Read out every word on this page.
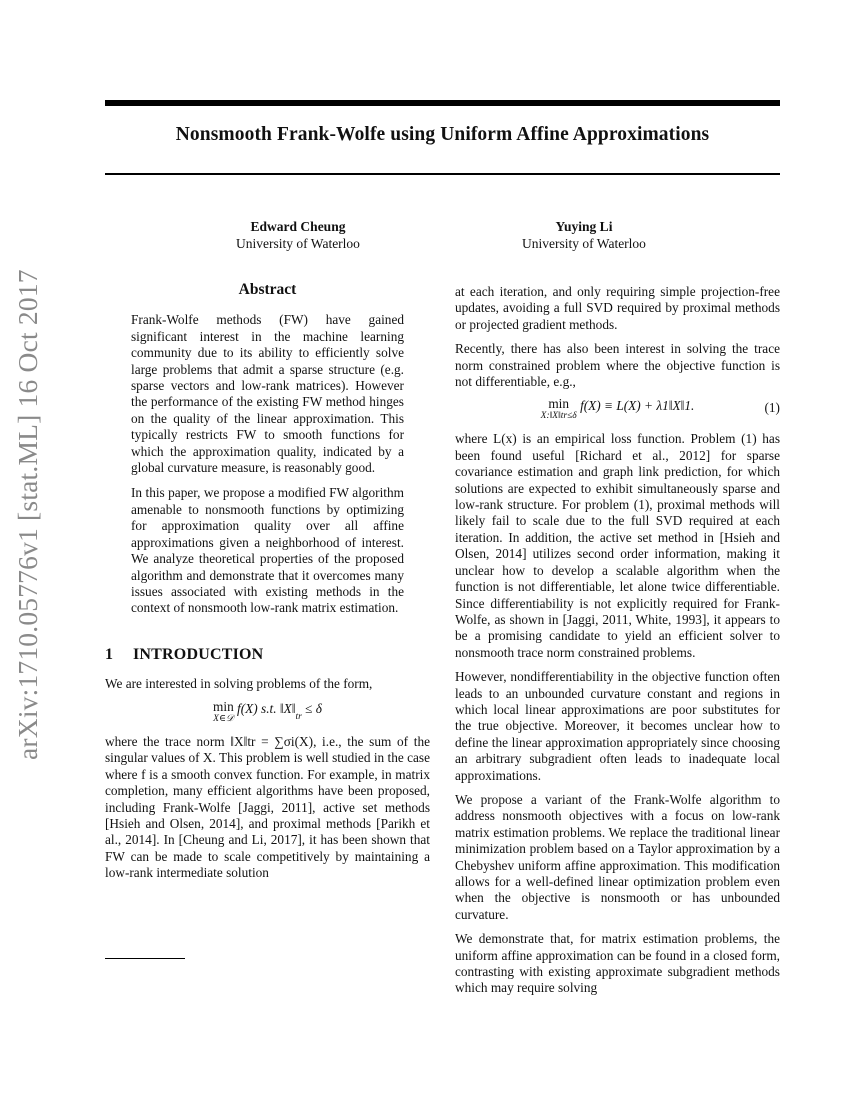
arXiv:1710.05776v1 [stat.ML] 16 Oct 2017
Nonsmooth Frank-Wolfe using Uniform Affine Approximations
Edward Cheung
University of Waterloo
Yuying Li
University of Waterloo
Abstract

Frank-Wolfe methods (FW) have gained significant interest in the machine learning community due to its ability to efficiently solve large problems that admit a sparse structure (e.g. sparse vectors and low-rank matrices). However the performance of the existing FW method hinges on the quality of the linear approximation. This typically restricts FW to smooth functions for which the approximation quality, indicated by a global curvature measure, is reasonably good.

In this paper, we propose a modified FW algorithm amenable to nonsmooth functions by optimizing for approximation quality over all affine approximations given a neighborhood of interest. We analyze theoretical properties of the proposed algorithm and demonstrate that it overcomes many issues associated with existing methods in the context of nonsmooth low-rank matrix estimation.

1 INTRODUCTION

We are interested in solving problems of the form,

min
X∈𝒟
f(X) s.t. $‖X‖_{tr} \le \delta$

where the trace norm ‖X‖tr = ∑σi(X), i.e., the sum of the singular values of X. This problem is well studied in the case where f is a smooth convex function. For example, in matrix completion, many efficient algorithms have been proposed, including Frank-Wolfe [Jaggi, 2011], active set methods [Hsieh and Olsen, 2014], and proximal methods [Parikh et al., 2014]. In [Cheung and Li, 2017], it has been shown that FW can be made to scale competitively by maintaining a low-rank intermediate solution

at each iteration, and only requiring simple projection-free updates, avoiding a full SVD required by proximal methods or projected gradient methods.

Recently, there has also been interest in solving the trace norm constrained problem where the objective function is not differentiable, e.g.,

min
X:‖X‖tr≤δ
f(X) ≡ L(X) + λ1‖X‖1.	(1)

where L(x) is an empirical loss function. Problem (1) has been found useful [Richard et al., 2012] for sparse covariance estimation and graph link prediction, for which solutions are expected to exhibit simultaneously sparse and low-rank structure. For problem (1), proximal methods will likely fail to scale due to the full SVD required at each iteration. In addition, the active set method in [Hsieh and Olsen, 2014] utilizes second order information, making it unclear how to develop a scalable algorithm when the function is not differentiable, let alone twice differentiable. Since differentiability is not explicitly required for Frank-Wolfe, as shown in [Jaggi, 2011, White, 1993], it appears to be a promising candidate to yield an efficient solver to nonsmooth trace norm constrained problems.

However, nondifferentiability in the objective function often leads to an unbounded curvature constant and regions in which local linear approximations are poor substitutes for the true objective. Moreover, it becomes unclear how to define the linear approximation appropriately since choosing an arbitrary subgradient often leads to inadequate local approximations.

We propose a variant of the Frank-Wolfe algorithm to address nonsmooth objectives with a focus on low-rank matrix estimation problems. We replace the traditional linear minimization problem based on a Taylor approximation by a Chebyshev uniform affine approximation. This modification allows for a well-defined linear optimization problem even when the objective is nonsmooth or has unbounded curvature.

We demonstrate that, for matrix estimation problems, the uniform affine approximation can be found in a closed form, contrasting with existing approximate subgradient methods which may require solving
